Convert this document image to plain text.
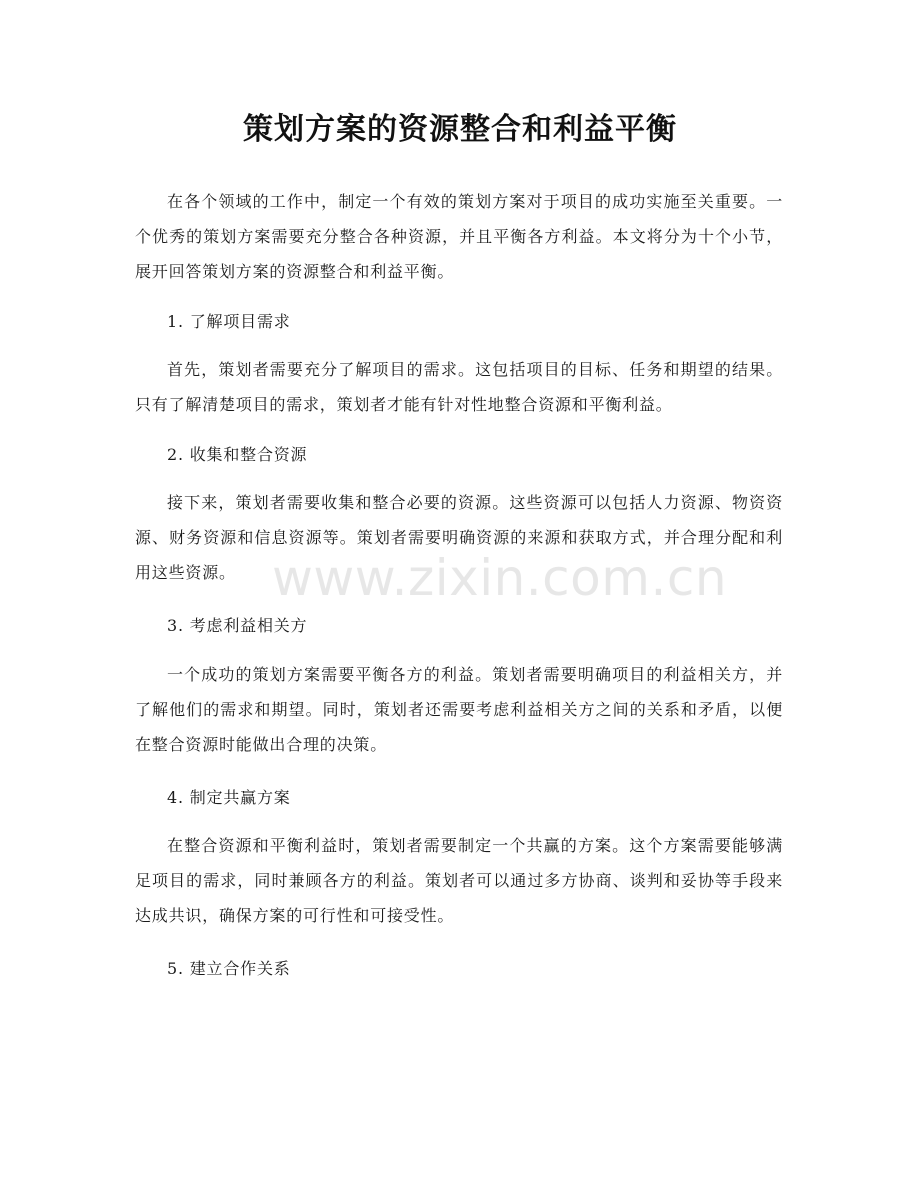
策划方案的资源整合和利益平衡

在各个领域的工作中，制定一个有效的策划方案对于项目的成功实施至关重要。一个优秀的策划方案需要充分整合各种资源，并且平衡各方利益。本文将分为十个小节，展开回答策划方案的资源整合和利益平衡。

1. 了解项目需求

首先，策划者需要充分了解项目的需求。这包括项目的目标、任务和期望的结果。只有了解清楚项目的需求，策划者才能有针对性地整合资源和平衡利益。

2. 收集和整合资源

接下来，策划者需要收集和整合必要的资源。这些资源可以包括人力资源、物资资源、财务资源和信息资源等。策划者需要明确资源的来源和获取方式，并合理分配和利用这些资源。

3. 考虑利益相关方

一个成功的策划方案需要平衡各方的利益。策划者需要明确项目的利益相关方，并了解他们的需求和期望。同时，策划者还需要考虑利益相关方之间的关系和矛盾，以便在整合资源时能做出合理的决策。

4. 制定共赢方案

在整合资源和平衡利益时，策划者需要制定一个共赢的方案。这个方案需要能够满足项目的需求，同时兼顾各方的利益。策划者可以通过多方协商、谈判和妥协等手段来达成共识，确保方案的可行性和可接受性。

5. 建立合作关系

www.zixin.com.cn
